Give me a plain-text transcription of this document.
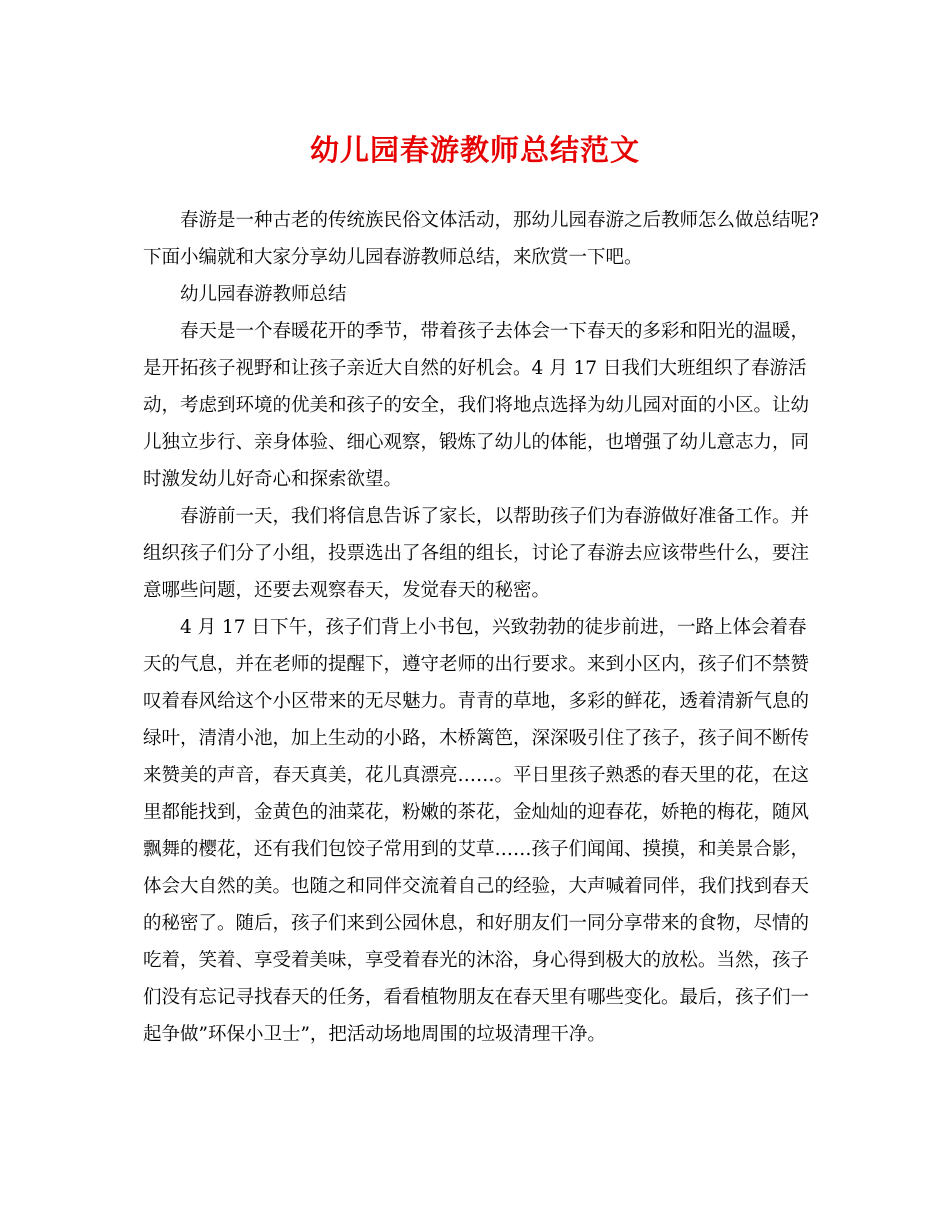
幼儿园春游教师总结范文
春游是一种古老的传统族民俗文体活动，那幼儿园春游之后教师怎么做总结呢?
下面小编就和大家分享幼儿园春游教师总结，来欣赏一下吧。
幼儿园春游教师总结
春天是一个春暖花开的季节，带着孩子去体会一下春天的多彩和阳光的温暖，
是开拓孩子视野和让孩子亲近大自然的好机会。4 月 17 日我们大班组织了春游活
动，考虑到环境的优美和孩子的安全，我们将地点选择为幼儿园对面的小区。让幼
儿独立步行、亲身体验、细心观察，锻炼了幼儿的体能，也增强了幼儿意志力，同
时激发幼儿好奇心和探索欲望。
春游前一天，我们将信息告诉了家长，以帮助孩子们为春游做好准备工作。并
组织孩子们分了小组，投票选出了各组的组长，讨论了春游去应该带些什么，要注
意哪些问题，还要去观察春天，发觉春天的秘密。
4 月 17 日下午，孩子们背上小书包，兴致勃勃的徒步前进，一路上体会着春
天的气息，并在老师的提醒下，遵守老师的出行要求。来到小区内，孩子们不禁赞
叹着春风给这个小区带来的无尽魅力。青青的草地，多彩的鲜花，透着清新气息的
绿叶，清清小池，加上生动的小路，木桥篱笆，深深吸引住了孩子，孩子间不断传
来赞美的声音，春天真美，花儿真漂亮……。平日里孩子熟悉的春天里的花，在这
里都能找到，金黄色的油菜花，粉嫩的茶花，金灿灿的迎春花，娇艳的梅花，随风
飘舞的樱花，还有我们包饺子常用到的艾草……孩子们闻闻、摸摸，和美景合影，
体会大自然的美。也随之和同伴交流着自己的经验，大声喊着同伴，我们找到春天
的秘密了。随后，孩子们来到公园休息，和好朋友们一同分享带来的食物，尽情的
吃着，笑着、享受着美味，享受着春光的沐浴，身心得到极大的放松。当然，孩子
们没有忘记寻找春天的任务，看看植物朋友在春天里有哪些变化。最后，孩子们一
起争做”环保小卫士”，把活动场地周围的垃圾清理干净。
